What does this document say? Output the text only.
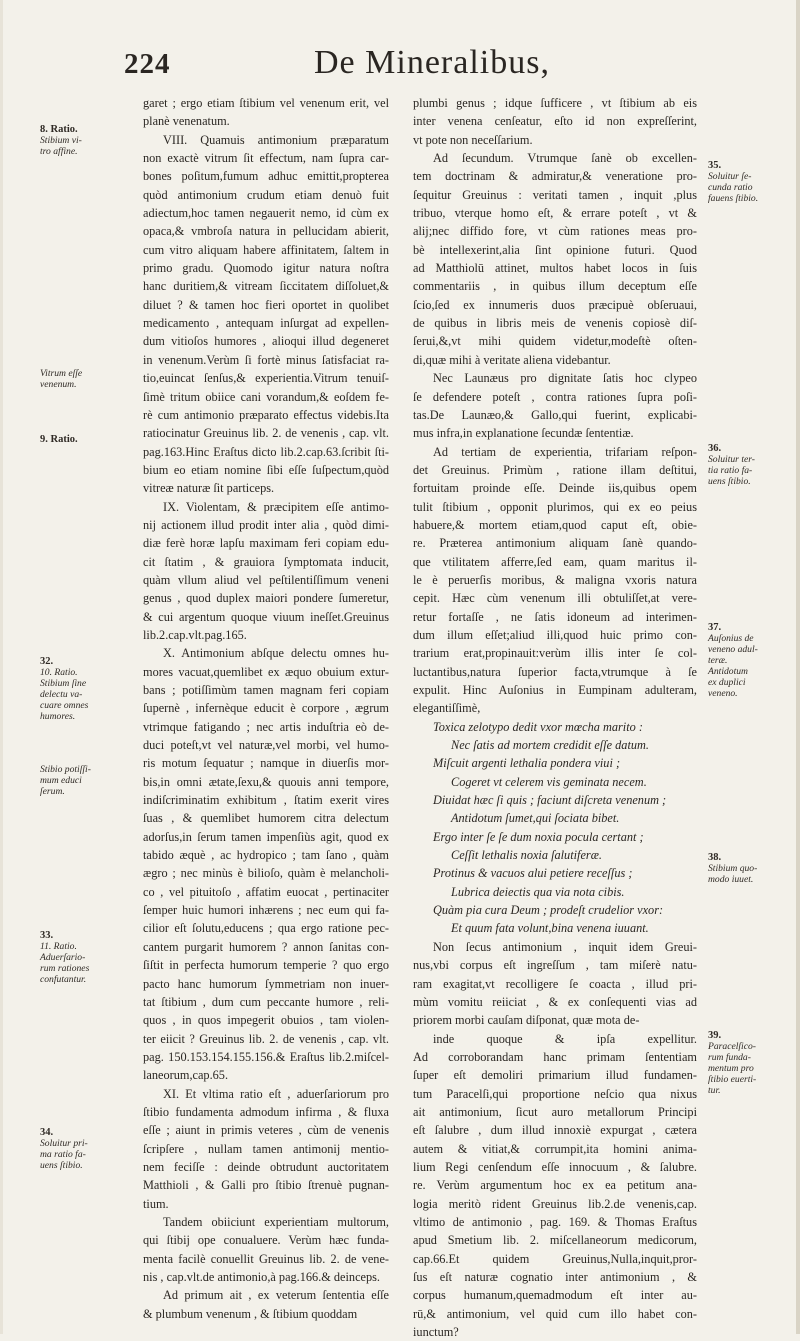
224	De Mineralibus,
garet ; ergo etiam ſtibium vel venenum erit, vel
planè venenatum.
VIII. Quamuis antimonium præparatum
non exactè vitrum ſit effectum, nam ſupra car-
bones poſitum,fumum adhuc emittit,propterea
quòd antimonium crudum etiam denuò fuit
adiectum,hoc tamen negauerit nemo, id cùm ex
opaca,& vmbroſa natura in pellucidam abierit,
cum vitro aliquam habere affinitatem, ſaltem in
primo gradu. Quomodo igitur natura noſtra
hanc duritiem,& vitream ſiccitatem diſſoluet,&
diluet ? & tamen hoc fieri oportet in quolibet
medicamento , antequam inſurgat ad expellen-
dum vitioſos humores , alioqui illud degeneret
in venenum.Verùm ſi fortè minus ſatisfaciat ra-
tio,euincat ſenſus,& experientia.Vitrum tenuiſ-
ſimè tritum obiice cani vorandum,& eoſdem fe-
rè cum antimonio præparato effectus videbis.Ita
ratiocinatur Greuinus lib. 2. de venenis , cap. vlt.
pag.163.Hinc Eraſtus dicto lib.2.cap.63.ſcribit ſti-
bium eo etiam nomine ſibi eſſe ſuſpectum,quòd
vitreæ naturæ ſit particeps.
IX. Violentam, & præcipitem eſſe antimo-
nij actionem illud prodit inter alia , quòd dimi-
diæ ferè horæ lapſu maximam feri copiam edu-
cit ſtatim , & grauiora ſymptomata inducit,
quàm vllum aliud vel peſtilentiſſimum veneni
genus , quod duplex maiori pondere ſumeretur,
& cui argentum quoque viuum ineſſet.Greuinus
lib.2.cap.vlt.pag.165.
X. Antimonium abſque delectu omnes hu-
mores vacuat,quemlibet ex æquo obuium extur-
bans ; potiſſimùm tamen magnam feri copiam
ſupernè , infernèque educit è corpore , ægrum
vtrimque fatigando ; nec artis induſtria eò de-
duci poteſt,vt vel naturæ,vel morbi, vel humo-
ris motum ſequatur ; namque in diuerſis mor-
bis,in omni ætate,ſexu,& quouis anni tempore,
indiſcriminatim exhibitum , ſtatim exerit vires
ſuas , & quemlibet humorem citra delectum
adorſus,in ſerum tamen impenſiùs agit, quod ex
tabido æquè , ac hydropico ; tam ſano , quàm
ægro ; nec minùs è bilioſo, quàm è melancholi-
co , vel pituitoſo , affatim euocat , pertinaciter
ſemper huic humori inhærens ; nec eum qui fa-
cilior eſt ſolutu,educens ; qua ergo ratione pec-
cantem purgarit humorem ? annon ſanitas con-
ſiſtit in perfecta humorum temperie ? quo ergo
pacto hanc humorum ſymmetriam non inuer-
tat ſtibium , dum cum peccante humore , reli-
quos , in quos impegerit obuios , tam violen-
ter eiicit ? Greuinus lib. 2. de venenis , cap. vlt.
pag. 150.153.154.155.156.& Eraſtus lib.2.miſcel-
laneorum,cap.65.
XI. Et vltima ratio eſt , aduerſariorum pro
ſtibio fundamenta admodum infirma , & fluxa
eſſe ; aiunt in primis veteres , cùm de venenis
ſcripſere , nullam tamen antimonij mentio-
nem feciſſe : deinde obtrudunt auctoritatem
Matthioli , & Galli pro ſtibio ſtrenuè pugnan-
tium.
Tandem obiiciunt experientiam multorum,
qui ſtibij ope conualuere. Verùm hæc funda-
menta facilè conuellit Greuinus lib. 2. de vene-
nis , cap.vlt.de antimonio,à pag.166.& deinceps.
Ad primum ait , ex veterum ſententia eſſe
& plumbum venenum , & ſtibium quoddam
plumbi genus ; idque ſufficere , vt ſtibium ab eis
inter venena cenſeatur, eſto id non expreſſerint,
vt pote non neceſſarium.
Ad ſecundum. Vtrumque ſanè ob excellen-
tem doctrinam & admiratur,& veneratione pro-
ſequitur Greuinus : veritati tamen , inquit ,plus
tribuo, vterque homo eſt, & errare poteſt , vt &
alij;nec diffido fore, vt cùm rationes meas pro-
bè intellexerint,alia ſint opinione futuri. Quod
ad Matthiolū attinet, multos habet locos in ſuis
commentariis , in quibus illum deceptum eſſe
ſcio,ſed ex innumeris duos præcipuè obſeruaui,
de quibus in libris meis de venenis copiosè diſ-
ſerui,&,vt mihi quidem videtur,modeſtè oſten-
di,quæ mihi à veritate aliena videbantur.
Nec Launæus pro dignitate ſatis hoc clypeo
ſe defendere poteſt , contra rationes ſupra poſi-
tas.De Launæo,& Gallo,qui fuerint, explicabi-
mus infra,in explanatione ſecundæ ſententiæ.
Ad tertiam de experientia, trifariam reſpon-
det Greuinus. Primùm , ratione illam deſtitui,
fortuitam proinde eſſe. Deinde iis,quibus opem
tulit ſtibium , opponit plurimos, qui ex eo peius
habuere,& mortem etiam,quod caput eſt, obie-
re. Præterea antimonium aliquam ſanè quando-
que vtilitatem afferre,ſed eam, quam maritus il-
le è peruerſis moribus, & maligna vxoris natura
cepit. Hæc cùm venenum illi obtuliſſet,at vere-
retur fortaſſe , ne ſatis idoneum ad interimen-
dum illum eſſet;aliud illi,quod huic primo con-
trarium erat,propinauit:verùm illis inter ſe col-
luctantibus,natura ſuperior facta,vtrumque à ſe
expulit. Hinc Auſonius in Eumpinam adulteram,
elegantiſſimè,
Toxica zelotypo dedit vxor mœcha marito :
Nec ſatis ad mortem credidit eſſe datum.
Miſcuit argenti lethalia pondera viui ;
Cogeret vt celerem vis geminata necem.
Diuidat hæc ſi quis ; faciunt diſcreta venenum ;
Antidotum ſumet,qui ſociata bibet.
Ergo inter ſe ſe dum noxia pocula certant ;
Ceſſit lethalis noxia ſalutiferæ.
Protinus & vacuos alui petiere receſſus ;
Lubrica deiectis qua via nota cibis.
Quàm pia cura Deum ; prodeſt crudelior vxor:
Et quum fata volunt,bina venena iuuant.
Non ſecus antimonium , inquit idem Greui-
nus,vbi corpus eſt ingreſſum , tam miſerè natu-
ram exagitat,vt recolligere ſe coacta , illud pri-
mùm vomitu reiiciat , & ex conſequenti vias ad
priorem morbi cauſam diſponat, quæ mota de-
inde quoque & ipſa expellitur.
Ad corroborandam hanc primam ſententiam
ſuper eſt demoliri primarium illud fundamen-
tum Paracelſi,qui proportione neſcio qua nixus
ait antimonium, ſicut auro metallorum Principi
eſt ſalubre , dum illud innoxiè expurgat , cætera
autem & vitiat,& corrumpit,ita homini anima-
lium Regi cenſendum eſſe innocuum , & ſalubre.
re. Verùm argumentum hoc ex ea petitum ana-
logia meritò rident Greuinus lib.2.de venenis,cap.
vltimo de antimonio , pag. 169. & Thomas Eraſtus
apud Smetium lib. 2. miſcellaneorum medicorum,
cap.66.Et quidem Greuinus,Nulla,inquit,pror-
ſus eſt naturæ cognatio inter antimonium , &
corpus humanum,quemadmodum eſt inter au-
rū,& antimonium, vel quid cum illo habet con-
iunctum?
8. Ratio.
Stibium vi-
tro affine.
Vitrum eſſe
venenum.
9. Ratio.
32.
10. Ratio.
Stibium ſine
delectu va-
cuare omnes
humores.
Stibio potiſſi-
mum educi
ſerum.
33.
11. Ratio.
Aduerſario-
rum rationes
confutantur.
34.
Soluitur pri-
ma ratio fa-
uens ſtibio.
35.
Soluitur ſe-
cunda ratio
fauens ſtibio.
36.
Soluitur ter-
tia ratio fa-
uens ſtibio.
37.
Auſonius de
veneno adul-
teræ.
Antidotum
ex duplici
veneno.
38.
Stibium quo-
modo iuuet.
39.
Paracelſico-
rum funda-
mentum pro
ſtibio euerti-
tur.
